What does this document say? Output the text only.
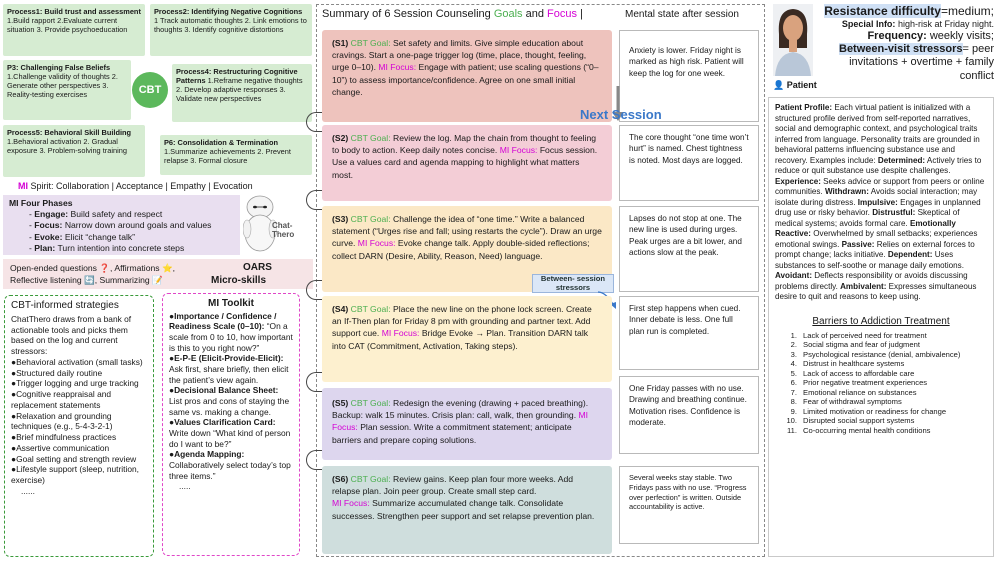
Process1: Build trust and assessment 1.Build rapport 2.Evaluate current situation 3. Provide psychoeducation
Process2: Identifying Negative Cognitions 1 Track automatic thoughts 2. Link emotions to thoughts 3. Identify cognitive distortions
P3: Challenging False Beliefs
1.Challenge validity of thoughts 2. Generate other perspectives 3. Reality-testing exercises	CBT
Process4: Restructuring Cognitive Patterns 1.Reframe negative thoughts 2. Develop adaptive responses 3. Validate new perspectives
Process5: Behavioral Skill Building 1.Behavioral activation 2. Gradual exposure 3. Problem-solving training
P6: Consolidation & Termination
1.Summarize achievements 2. Prevent relapse 3. Formal closure
MI Spirit: Collaboration | Acceptance | Empathy | Evocation
MI Four Phases
- Engage: Build safety and respect
- Focus: Narrow down around goals and values
- Evoke: Elicit “change talk”
- Plan: Turn intention into concrete steps
Chat-Thero
Open-ended questions ❓, Affirmations ⭐,
Reflective listening 🔄, Summarizing 📝
OARS
Micro-skills
CBT-informed strategies
ChatThero draws from a bank of actionable tools and picks them based on the log and current stressors:
●Behavioral activation (small tasks)
●Structured daily routine
●Trigger logging and urge tracking
●Cognitive reappraisal and replacement statements
●Relaxation and grounding techniques (e.g., 5-4-3-2-1)
●Brief mindfulness practices
●Assertive communication
●Goal setting and strength review
●Lifestyle support (sleep, nutrition, exercise)
......
MI Toolkit
●Importance / Confidence / Readiness Scale (0–10): “On a scale from 0 to 10, how important is this to you right now?”
●E-P-E (Elicit-Provide-Elicit): Ask first, share briefly, then elicit the patient’s view again.
●Decisional Balance Sheet: List pros and cons of staying the same vs. making a change.
●Values Clarification Card: Write down “What kind of person do I want to be?”
●Agenda Mapping: Collaboratively select today’s top three items.”
.....
Summary of 6 Session Counseling Goals and Focus |	Mental state after session
(S1) CBT Goal: Set safety and limits. Give simple education about cravings. Start a one-page trigger log (time, place, thought, feeling, urge 0–10). MI Focus: Engage with patient; use scaling questions (“0–10”) to assess importance/confidence. Agree on one small initial change.
Anxiety is lower. Friday night is marked as high risk. Patient will keep the log for one week.
Next Session
(S2) CBT Goal: Review the log. Map the chain from thought to feeling to body to action. Keep daily notes concise. MI Focus: Focus session. Use a values card and agenda mapping to highlight what matters most.
The core thought “one time won’t hurt” is named. Chest tightness is noted. Most days are logged.
(S3) CBT Goal: Challenge the idea of “one time.” Write a balanced statement (“Urges rise and fall; using restarts the cycle”). Draw an urge curve. MI Focus: Evoke change talk. Apply double-sided reflections; collect DARN (Desire, Ability, Reason, Need) language.
Lapses do not stop at one. The new line is used during urges. Peak urges are a bit lower, and actions slow at the peak.
Between- session stressors
(S4) CBT Goal: Place the new line on the phone lock screen. Create an If-Then plan for Friday 8 pm with grounding and partner text. Add support cue. MI Focus: Bridge Evoke → Plan. Transition DARN talk into CAT (Commitment, Activation, Taking steps).
First step happens when cued. Inner debate is less. One full plan run is completed.
(S5) CBT Goal: Redesign the evening (drawing + paced breathing). Backup: walk 15 minutes. Crisis plan: call, walk, then grounding. MI Focus: Plan session. Write a commitment statement; anticipate barriers and prepare coping solutions.
One Friday passes with no use. Drawing and breathing continue. Motivation rises. Confidence is moderate.
(S6) CBT Goal: Review gains. Keep plan four more weeks. Add relapse plan. Join peer group. Create small step card.
MI Focus: Summarize accumulated change talk. Consolidate successes. Strengthen peer support and set relapse prevention plan.
Several weeks stay stable. Two Fridays pass with no use. “Progress over perfection” is written. Outside accountability is active.
👤 Patient
Resistance difficulty=medium;
Special Info: high-risk at Friday night.
Frequency: weekly visits;
Between-visit stressors= peer invitations + overtime + family conflict
Patient Profile: Each virtual patient is initialized with a structured profile derived from self-reported narratives, social and demographic context, and psychological traits inferred from language. Personality traits are grounded in behavioral patterns influencing substance use and recovery. Examples include: Determined: Actively tries to reduce or quit substance use despite challenges. Experience: Seeks advice or support from peers or online communities. Withdrawn: Avoids social interaction; may isolate during distress. Impulsive: Engages in unplanned drug use or risky behavior. Distrustful: Skeptical of medical systems; avoids formal care. Emotionally Reactive: Overwhelmed by small setbacks; experiences emotional swings. Passive: Relies on external forces to prompt change; lacks initiative. Dependent: Uses substances to self-soothe or manage daily emotions. Avoidant: Deflects responsibility or avoids discussing problems directly. Ambivalent: Expresses simultaneous desire to quit and reasons to keep using.
Barriers to Addiction Treatment
1. Lack of perceived need for treatment
2. Social stigma and fear of judgment
3. Psychological resistance (denial, ambivalence)
4. Distrust in healthcare systems
5. Lack of access to affordable care
6. Prior negative treatment experiences
7. Emotional reliance on substances
8. Fear of withdrawal symptoms
9. Limited motivation or readiness for change
10. Disrupted social support systems
11. Co-occurring mental health conditions
